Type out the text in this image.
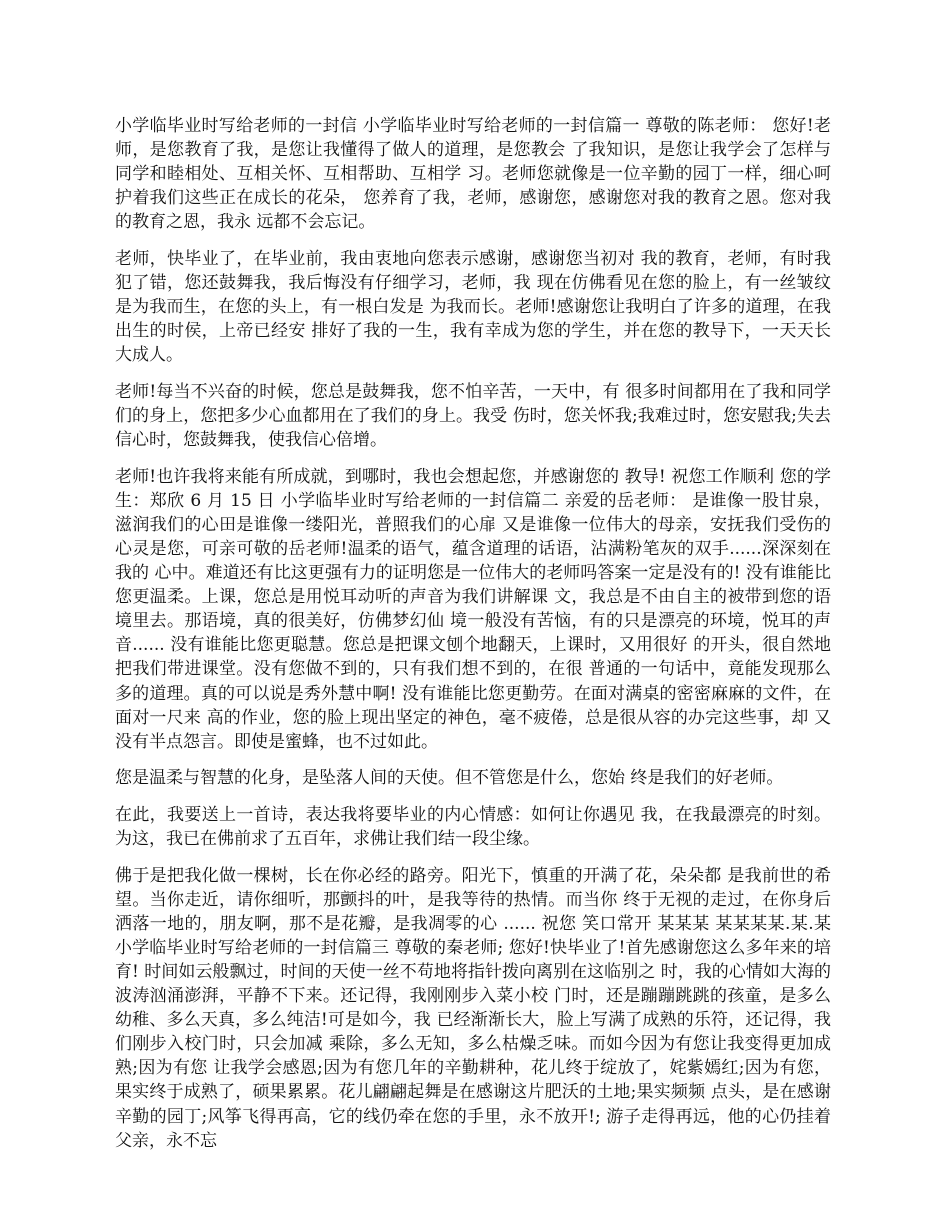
小学临毕业时写给老师的一封信 小学临毕业时写给老师的一封信篇一 尊敬的陈老师： 您好!老师，是您教育了我，是您让我懂得了做人的道理，是您教会 了我知识，是您让我学会了怎样与同学和睦相处、互相关怀、互相帮助、互相学 习。老师您就像是一位辛勤的园丁一样，细心呵护着我们这些正在成长的花朵， 您养育了我，老师，感谢您，感谢您对我的教育之恩。您对我的教育之恩，我永 远都不会忘记。

老师，快毕业了，在毕业前，我由衷地向您表示感谢，感谢您当初对 我的教育，老师，有时我犯了错，您还鼓舞我，我后悔没有仔细学习，老师，我 现在仿佛看见在您的脸上，有一丝皱纹是为我而生，在您的头上，有一根白发是 为我而长。老师!感谢您让我明白了许多的道理，在我出生的时侯，上帝已经安 排好了我的一生，我有幸成为您的学生，并在您的教导下，一天天长大成人。

老师!每当不兴奋的时候，您总是鼓舞我，您不怕辛苦，一天中，有 很多时间都用在了我和同学们的身上，您把多少心血都用在了我们的身上。我受 伤时，您关怀我;我难过时，您安慰我;失去信心时，您鼓舞我，使我信心倍增。

老师!也许我将来能有所成就，到哪时，我也会想起您，并感谢您的 教导! 祝您工作顺利 您的学生：郑欣 6 月 15 日 小学临毕业时写给老师的一封信篇二 亲爱的岳老师： 是谁像一股甘泉，滋润我们的心田是谁像一缕阳光，普照我们的心扉 又是谁像一位伟大的母亲，安抚我们受伤的心灵是您，可亲可敬的岳老师!温柔的语气，蕴含道理的话语，沾满粉笔灰的双手......深深刻在我的 心中。难道还有比这更强有力的证明您是一位伟大的老师吗答案一定是没有的! 没有谁能比您更温柔。上课，您总是用悦耳动听的声音为我们讲解课 文，我总是不由自主的被带到您的语境里去。那语境，真的很美好，仿佛梦幻仙 境一般没有苦恼，有的只是漂亮的环境，悦耳的声音...... 没有谁能比您更聪慧。您总是把课文刨个地翻天，上课时，又用很好 的开头，很自然地把我们带进课堂。没有您做不到的，只有我们想不到的，在很 普通的一句话中，竟能发现那么多的道理。真的可以说是秀外慧中啊! 没有谁能比您更勤劳。在面对满桌的密密麻麻的文件，在面对一尺来 高的作业，您的脸上现出坚定的神色，毫不疲倦，总是很从容的办完这些事，却 又没有半点怨言。即使是蜜蜂，也不过如此。

您是温柔与智慧的化身，是坠落人间的天使。但不管您是什么，您始 终是我们的好老师。

在此，我要送上一首诗，表达我将要毕业的内心情感：如何让你遇见 我，在我最漂亮的时刻。为这，我已在佛前求了五百年，求佛让我们结一段尘缘。

佛于是把我化做一棵树，长在你必经的路旁。阳光下，慎重的开满了花，朵朵都 是我前世的希望。当你走近，请你细听，那颤抖的叶，是我等待的热情。而当你 终于无视的走过，在你身后洒落一地的，朋友啊，那不是花瓣，是我凋零的心 ...... 祝您 笑口常开 某某某 某某某某.某.某 小学临毕业时写给老师的一封信篇三 尊敬的秦老师; 您好!快毕业了!首先感谢您这么多年来的培育! 时间如云般飘过，时间的天使一丝不苟地将指针拨向离别在这临别之 时，我的心情如大海的波涛汹涌澎湃，平静不下来。还记得，我刚刚步入菜小校 门时，还是蹦蹦跳跳的孩童，是多么幼稚、多么天真，多么纯洁!可是如今，我 已经渐渐长大，脸上写满了成熟的乐符，还记得，我们刚步入校门时，只会加减 乘除，多么无知，多么枯燥乏味。而如今因为有您让我变得更加成熟;因为有您 让我学会感恩;因为有您几年的辛勤耕种，花儿终于绽放了，姹紫嫣红;因为有您， 果实终于成熟了，硕果累累。花儿翩翩起舞是在感谢这片肥沃的土地;果实频频 点头，是在感谢辛勤的园丁;风筝飞得再高，它的线仍牵在您的手里，永不放开!; 游子走得再远，他的心仍挂着父亲，永不忘
